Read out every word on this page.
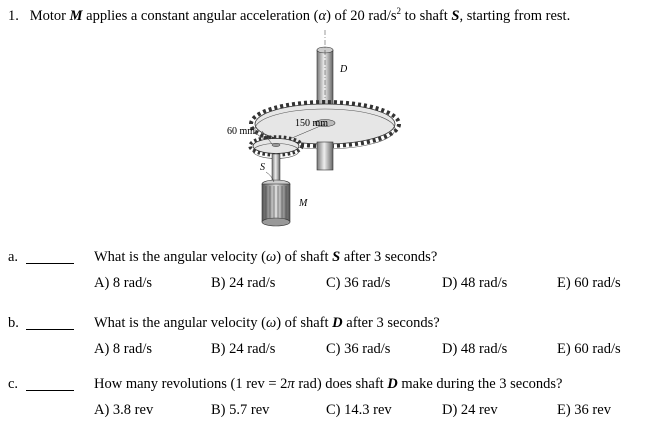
1. Motor M applies a constant angular acceleration (α) of 20 rad/$s^2$ to shaft S, starting from rest.
D
150 mm
60 mm
S
M
a.	What is the angular velocity (ω) of shaft S after 3 seconds?
A) 8 rad/s	B) 24 rad/s	C) 36 rad/s	D) 48 rad/s	E) 60 rad/s
b.	What is the angular velocity (ω) of shaft D after 3 seconds?
A) 8 rad/s	B) 24 rad/s	C) 36 rad/s	D) 48 rad/s	E) 60 rad/s
c.	How many revolutions (1 rev = 2π rad) does shaft D make during the 3 seconds?
A) 3.8 rev	B) 5.7 rev	C) 14.3 rev	D) 24 rev	E) 36 rev
